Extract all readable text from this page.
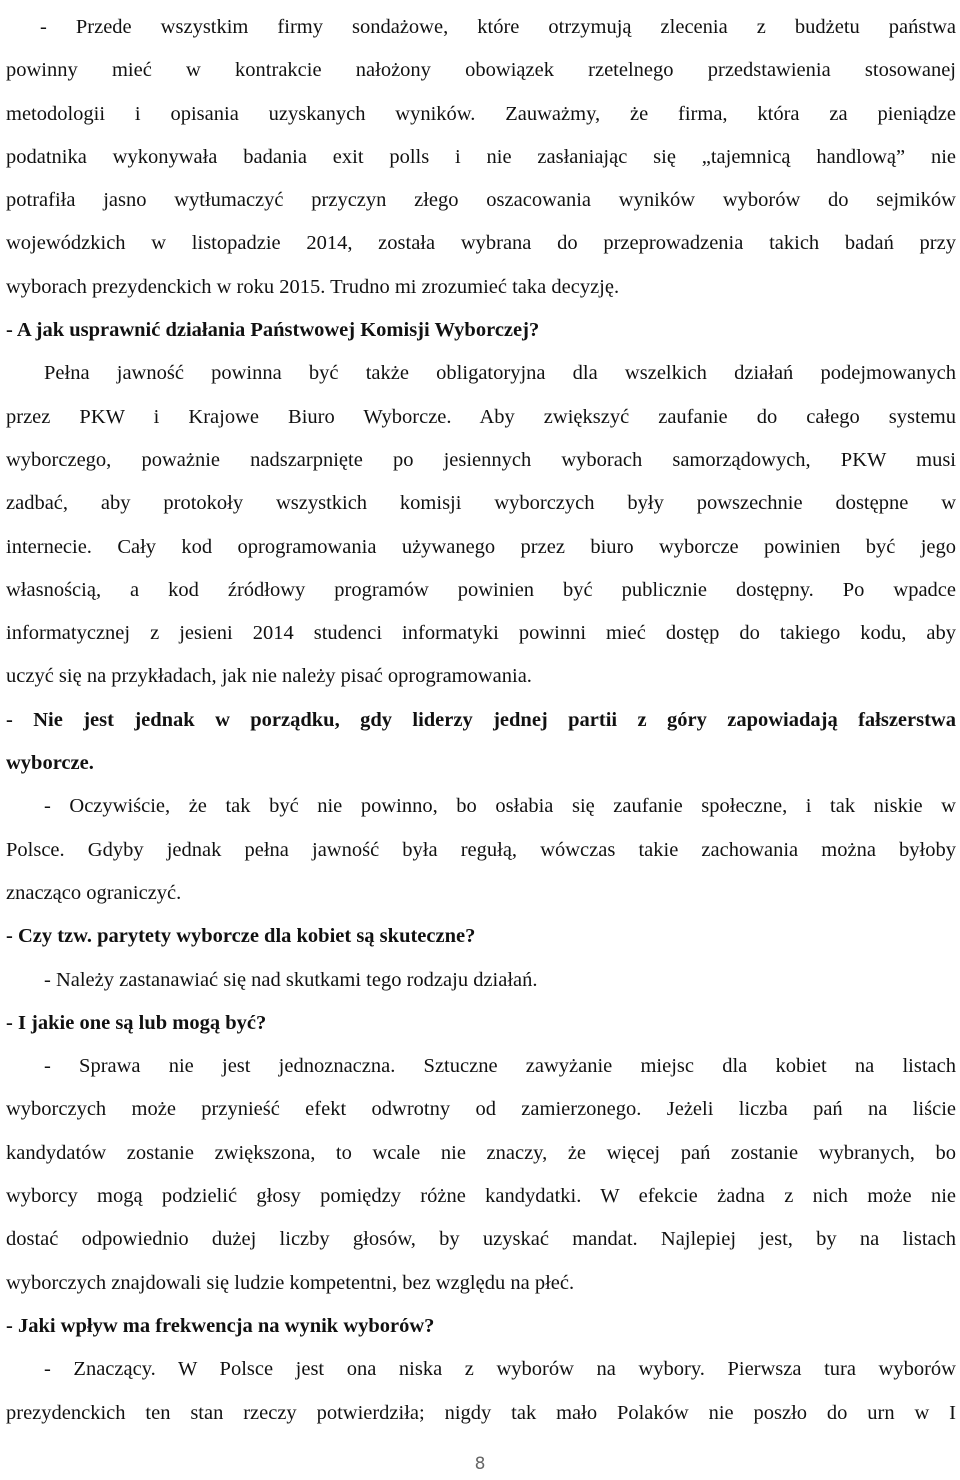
- Przede wszystkim firmy sondażowe, które otrzymują zlecenia z budżetu państwa
powinny mieć w kontrakcie nałożony obowiązek rzetelnego przedstawienia stosowanej
metodologii i opisania uzyskanych wyników. Zauważmy, że firma, która za pieniądze
podatnika wykonywała badania exit polls i nie zasłaniając się „tajemnicą handlową” nie
potrafiła jasno wytłumaczyć przyczyn złego oszacowania wyników wyborów do sejmików
wojewódzkich w listopadzie 2014, została wybrana do przeprowadzenia takich badań przy
wyborach prezydenckich w roku 2015. Trudno mi zrozumieć taka decyzję.
- A jak usprawnić działania Państwowej Komisji Wyborczej?
Pełna jawność powinna być także obligatoryjna dla wszelkich działań podejmowanych
przez PKW i Krajowe Biuro Wyborcze. Aby zwiększyć zaufanie do całego systemu
wyborczego, poważnie nadszarpnięte po jesiennych wyborach samorządowych, PKW musi
zadbać, aby protokoły wszystkich komisji wyborczych były powszechnie dostępne w
internecie. Cały kod oprogramowania używanego przez biuro wyborcze powinien być jego
własnością, a kod źródłowy programów powinien być publicznie dostępny. Po wpadce
informatycznej z jesieni 2014 studenci informatyki powinni mieć dostęp do takiego kodu, aby
uczyć się na przykładach, jak nie należy pisać oprogramowania.
- Nie jest jednak w porządku, gdy liderzy jednej partii z góry zapowiadają fałszerstwa
wyborcze.
- Oczywiście, że tak być nie powinno, bo osłabia się zaufanie społeczne, i tak niskie w
Polsce. Gdyby jednak pełna jawność była regułą, wówczas takie zachowania można byłoby
znacząco ograniczyć.
- Czy tzw. parytety wyborcze dla kobiet są skuteczne?
- Należy zastanawiać się nad skutkami tego rodzaju działań.
- I jakie one są lub mogą być?
- Sprawa nie jest jednoznaczna. Sztuczne zawyżanie miejsc dla kobiet na listach
wyborczych może przynieść efekt odwrotny od zamierzonego. Jeżeli liczba pań na liście
kandydatów zostanie zwiększona, to wcale nie znaczy, że więcej pań zostanie wybranych, bo
wyborcy mogą podzielić głosy pomiędzy różne kandydatki. W efekcie żadna z nich może nie
dostać odpowiednio dużej liczby głosów, by uzyskać mandat. Najlepiej jest, by na listach
wyborczych znajdowali się ludzie kompetentni, bez względu na płeć.
- Jaki wpływ ma frekwencja na wynik wyborów?
- Znaczący. W Polsce jest ona niska z wyborów na wybory. Pierwsza tura wyborów
prezydenckich ten stan rzeczy potwierdziła; nigdy tak mało Polaków nie poszło do urn w I
8
